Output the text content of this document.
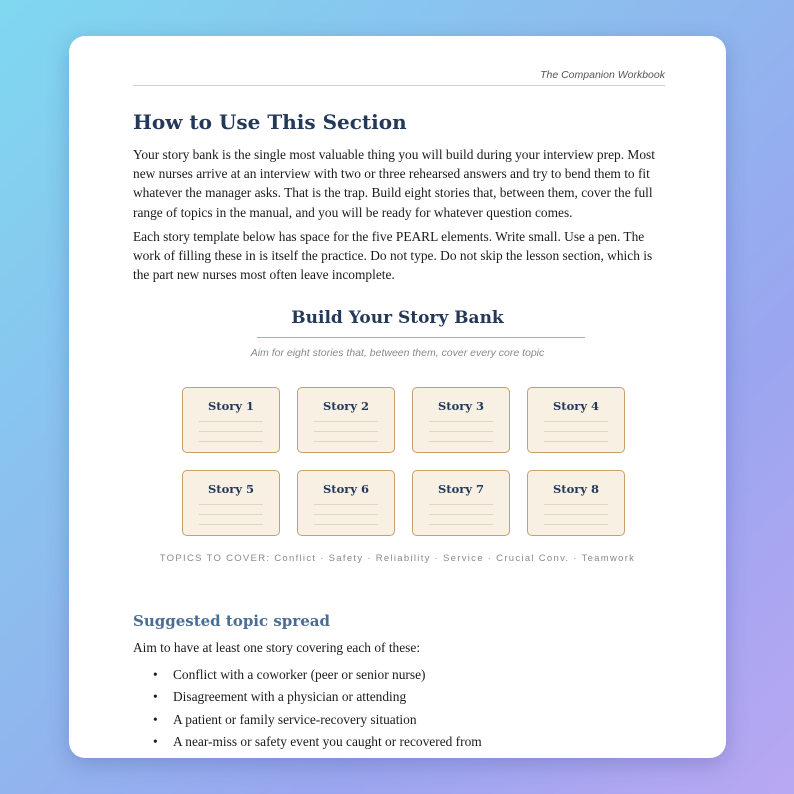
The Companion Workbook
How to Use This Section

Your story bank is the single most valuable thing you will build during your interview prep. Most new nurses arrive at an interview with two or three rehearsed answers and try to bend them to fit whatever the manager asks. That is the trap. Build eight stories that, between them, cover the full range of topics in the manual, and you will be ready for whatever question comes.

Each story template below has space for the five PEARL elements. Write small. Use a pen. The work of filling these in is itself the practice. Do not type. Do not skip the lesson section, which is the part new nurses most often leave incomplete.

Build Your Story Bank
Aim for eight stories that, between them, cover every core topic
Story 1	Story 2	Story 3	Story 4
Story 5	Story 6	Story 7	Story 8
TOPICS TO COVER: Conflict · Safety · Reliability · Service · Crucial Conv. · Teamwork
Suggested topic spread

Aim to have at least one story covering each of these:

• Conflict with a coworker (peer or senior nurse)
• Disagreement with a physician or attending
• A patient or family service-recovery situation
• A near-miss or safety event you caught or recovered from
